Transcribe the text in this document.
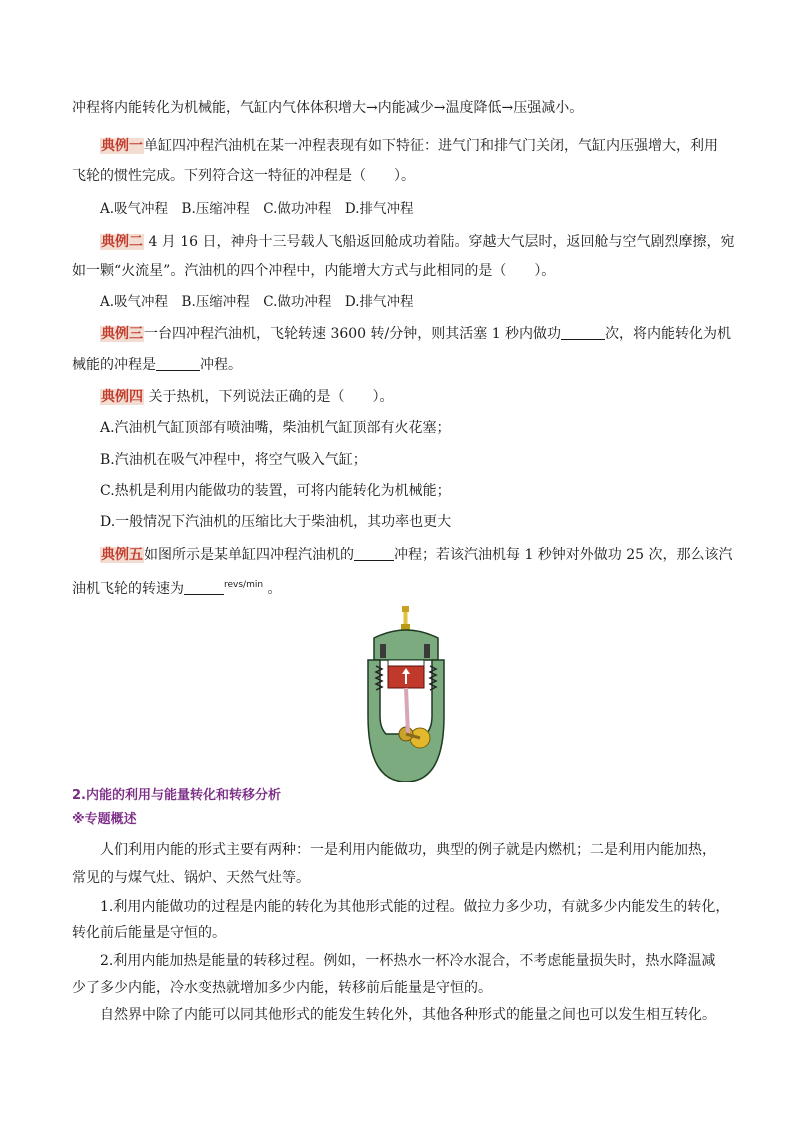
冲程将内能转化为机械能，气缸内气体体积增大→内能减少→温度降低→压强减小。
典例一单缸四冲程汽油机在某一冲程表现有如下特征：进气门和排气门关闭，气缸内压强增大，利用
飞轮的惯性完成。下列符合这一特征的冲程是（　　）。
A.吸气冲程　B.压缩冲程　C.做功冲程　D.排气冲程
典例二 4 月 16 日，神舟十三号载人飞船返回舱成功着陆。穿越大气层时，返回舱与空气剧烈摩擦，宛
如一颗“火流星”。汽油机的四个冲程中，内能增大方式与此相同的是（　　）。
A.吸气冲程　B.压缩冲程　C.做功冲程　D.排气冲程
典例三一台四冲程汽油机，飞轮转速 3600 转/分钟，则其活塞 1 秒内做功	次，将内能转化为机
械能的冲程是	冲程。
典例四 关于热机，下列说法正确的是（　　）。
A.汽油机气缸顶部有喷油嘴，柴油机气缸顶部有火花塞；
B.汽油机在吸气冲程中，将空气吸入气缸；
C.热机是利用内能做功的装置，可将内能转化为机械能；
D.一般情况下汽油机的压缩比大于柴油机，其功率也更大
典例五如图所示是某单缸四冲程汽油机的	冲程；若该汽油机每 1 秒钟对外做功 25 次，那么该汽
油机飞轮的转速为	$^{revs/min}$ 。
2.内能的利用与能量转化和转移分析
※专题概述
人们利用内能的形式主要有两种：一是利用内能做功，典型的例子就是内燃机；二是利用内能加热，
常见的与煤气灶、锅炉、天然气灶等。
1.利用内能做功的过程是内能的转化为其他形式能的过程。做拉力多少功，有就多少内能发生的转化，
转化前后能量是守恒的。
2.利用内能加热是能量的转移过程。例如，一杯热水一杯冷水混合，不考虑能量损失时，热水降温减
少了多少内能，冷水变热就增加多少内能，转移前后能量是守恒的。
自然界中除了内能可以同其他形式的能发生转化外，其他各种形式的能量之间也可以发生相互转化。
